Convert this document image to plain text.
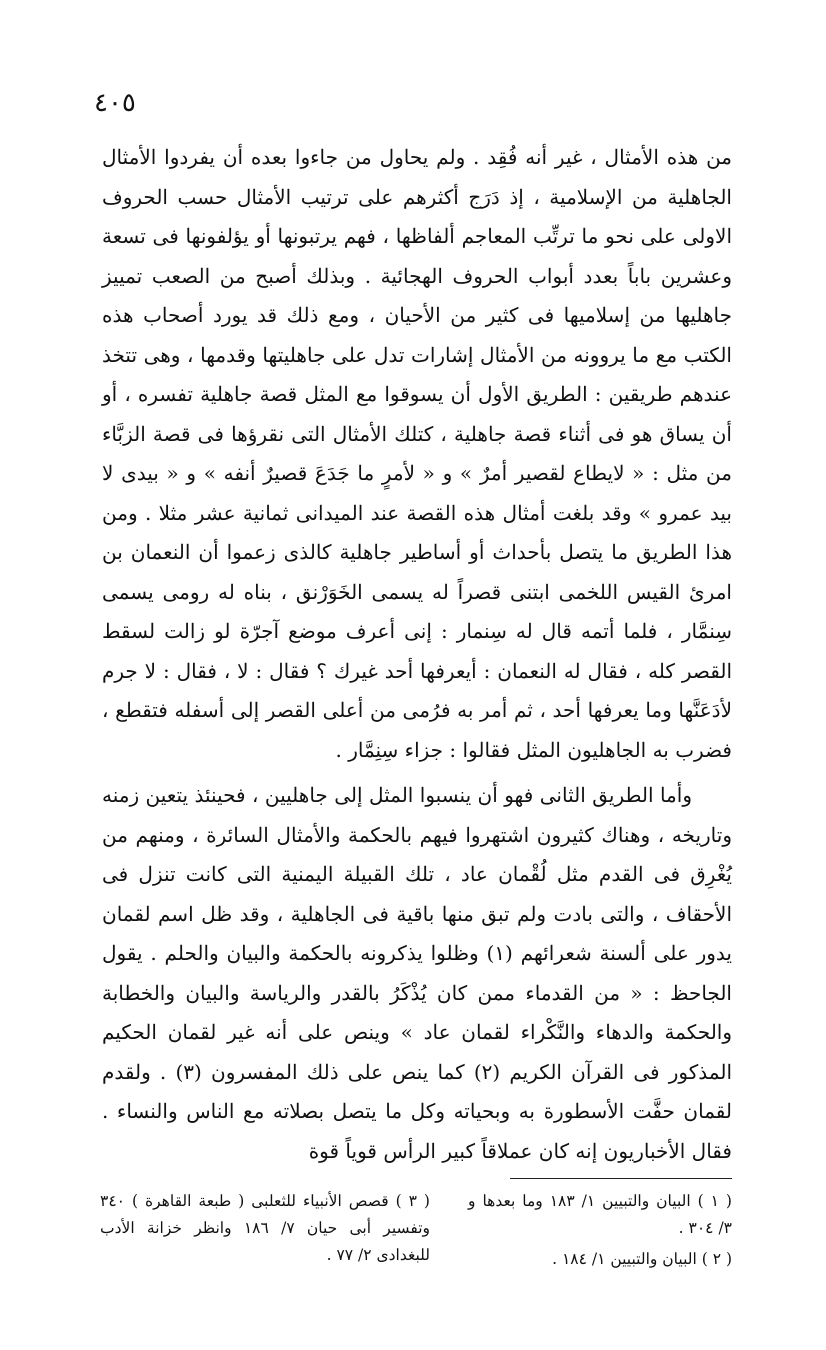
٤٠٥

من هذه الأمثال ، غير أنه فُقِد . ولم يحاول من جاءوا بعده أن يفردوا الأمثال الجاهلية من الإسلامية ، إذ دَرَج أكثرهم على ترتيب الأمثال حسب الحروف الاولى على نحو ما ترتِّب المعاجم ألفاظها ، فهم يرتبونها أو يؤلفونها فى تسعة وعشرين باباً بعدد أبواب الحروف الهجائية . وبذلك أصبح من الصعب تمييز جاهليها من إسلاميها فى كثير من الأحيان ، ومع ذلك قد يورد أصحاب هذه الكتب مع ما يروونه من الأمثال إشارات تدل على جاهليتها وقدمها ، وهى تتخذ عندهم طريقين : الطريق الأول أن يسوقوا مع المثل قصة جاهلية تفسره ، أو أن يساق هو فى أثناء قصة جاهلية ، كتلك الأمثال التى نقرؤها فى قصة الزبَّاء من مثل : « لايطاع لقصير أمرٌ » و « لأمرٍ ما جَدَعَ قصيرٌ أنفه » و « بيدى لا بيد عمرو » وقد بلغت أمثال هذه القصة عند الميدانى ثمانية عشر مثلا . ومن هذا الطريق ما يتصل بأحداث أو أساطير جاهلية كالذى زعموا أن النعمان بن امرئ القيس اللخمى ابتنى قصراً له يسمى الخَوَرْنق ، بناه له رومى يسمى سِنمَّار ، فلما أتمه قال له سِنمار : إنى أعرف موضع آجرّة لو زالت لسقط القصر كله ، فقال له النعمان : أيعرفها أحد غيرك ؟ فقال : لا ، فقال : لا جرم لأدَعَنَّها وما يعرفها أحد ، ثم أمر به فرُمى من أعلى القصر إلى أسفله فتقطع ، فضرب به الجاهليون المثل فقالوا : جزاء سِنِمَّار .

وأما الطريق الثانى فهو أن ينسبوا المثل إلى جاهليين ، فحينئذ يتعين زمنه وتاريخه ، وهناك كثيرون اشتهروا فيهم بالحكمة والأمثال السائرة ، ومنهم من يُغْرِق فى القدم مثل لُقْمان عاد ، تلك القبيلة اليمنية التى كانت تنزل فى الأحقاف ، والتى بادت ولم تبق منها باقية فى الجاهلية ، وقد ظل اسم لقمان يدور على ألسنة شعرائهم (١) وظلوا يذكرونه بالحكمة والبيان والحلم . يقول الجاحظ : « من القدماء ممن كان يُذْكَرُ بالقدر والرياسة والبيان والخطابة والحكمة والدهاء والنَّكْراء لقمان عاد » وينص على أنه غير لقمان الحكيم المذكور فى القرآن الكريم (٢) كما ينص على ذلك المفسرون (٣) . ولقدم لقمان حفَّت الأسطورة به وبحياته وكل ما يتصل بصلاته مع الناس والنساء . فقال الأخباريون إنه كان عملاقاً كبير الرأس قوياً قوة

( ١ ) البيان والتبيين ١/ ١٨٣ وما بعدها و ٣/ ٣٠٤ .

( ٢ ) البيان والتبيين ١/ ١٨٤ .

( ٣ ) قصص الأنبياء للثعلبى ( طبعة القاهرة ) ٣٤٠ وتفسير أبى حيان ٧/ ١٨٦ وانظر خزانة الأدب للبغدادى ٢/ ٧٧ .
